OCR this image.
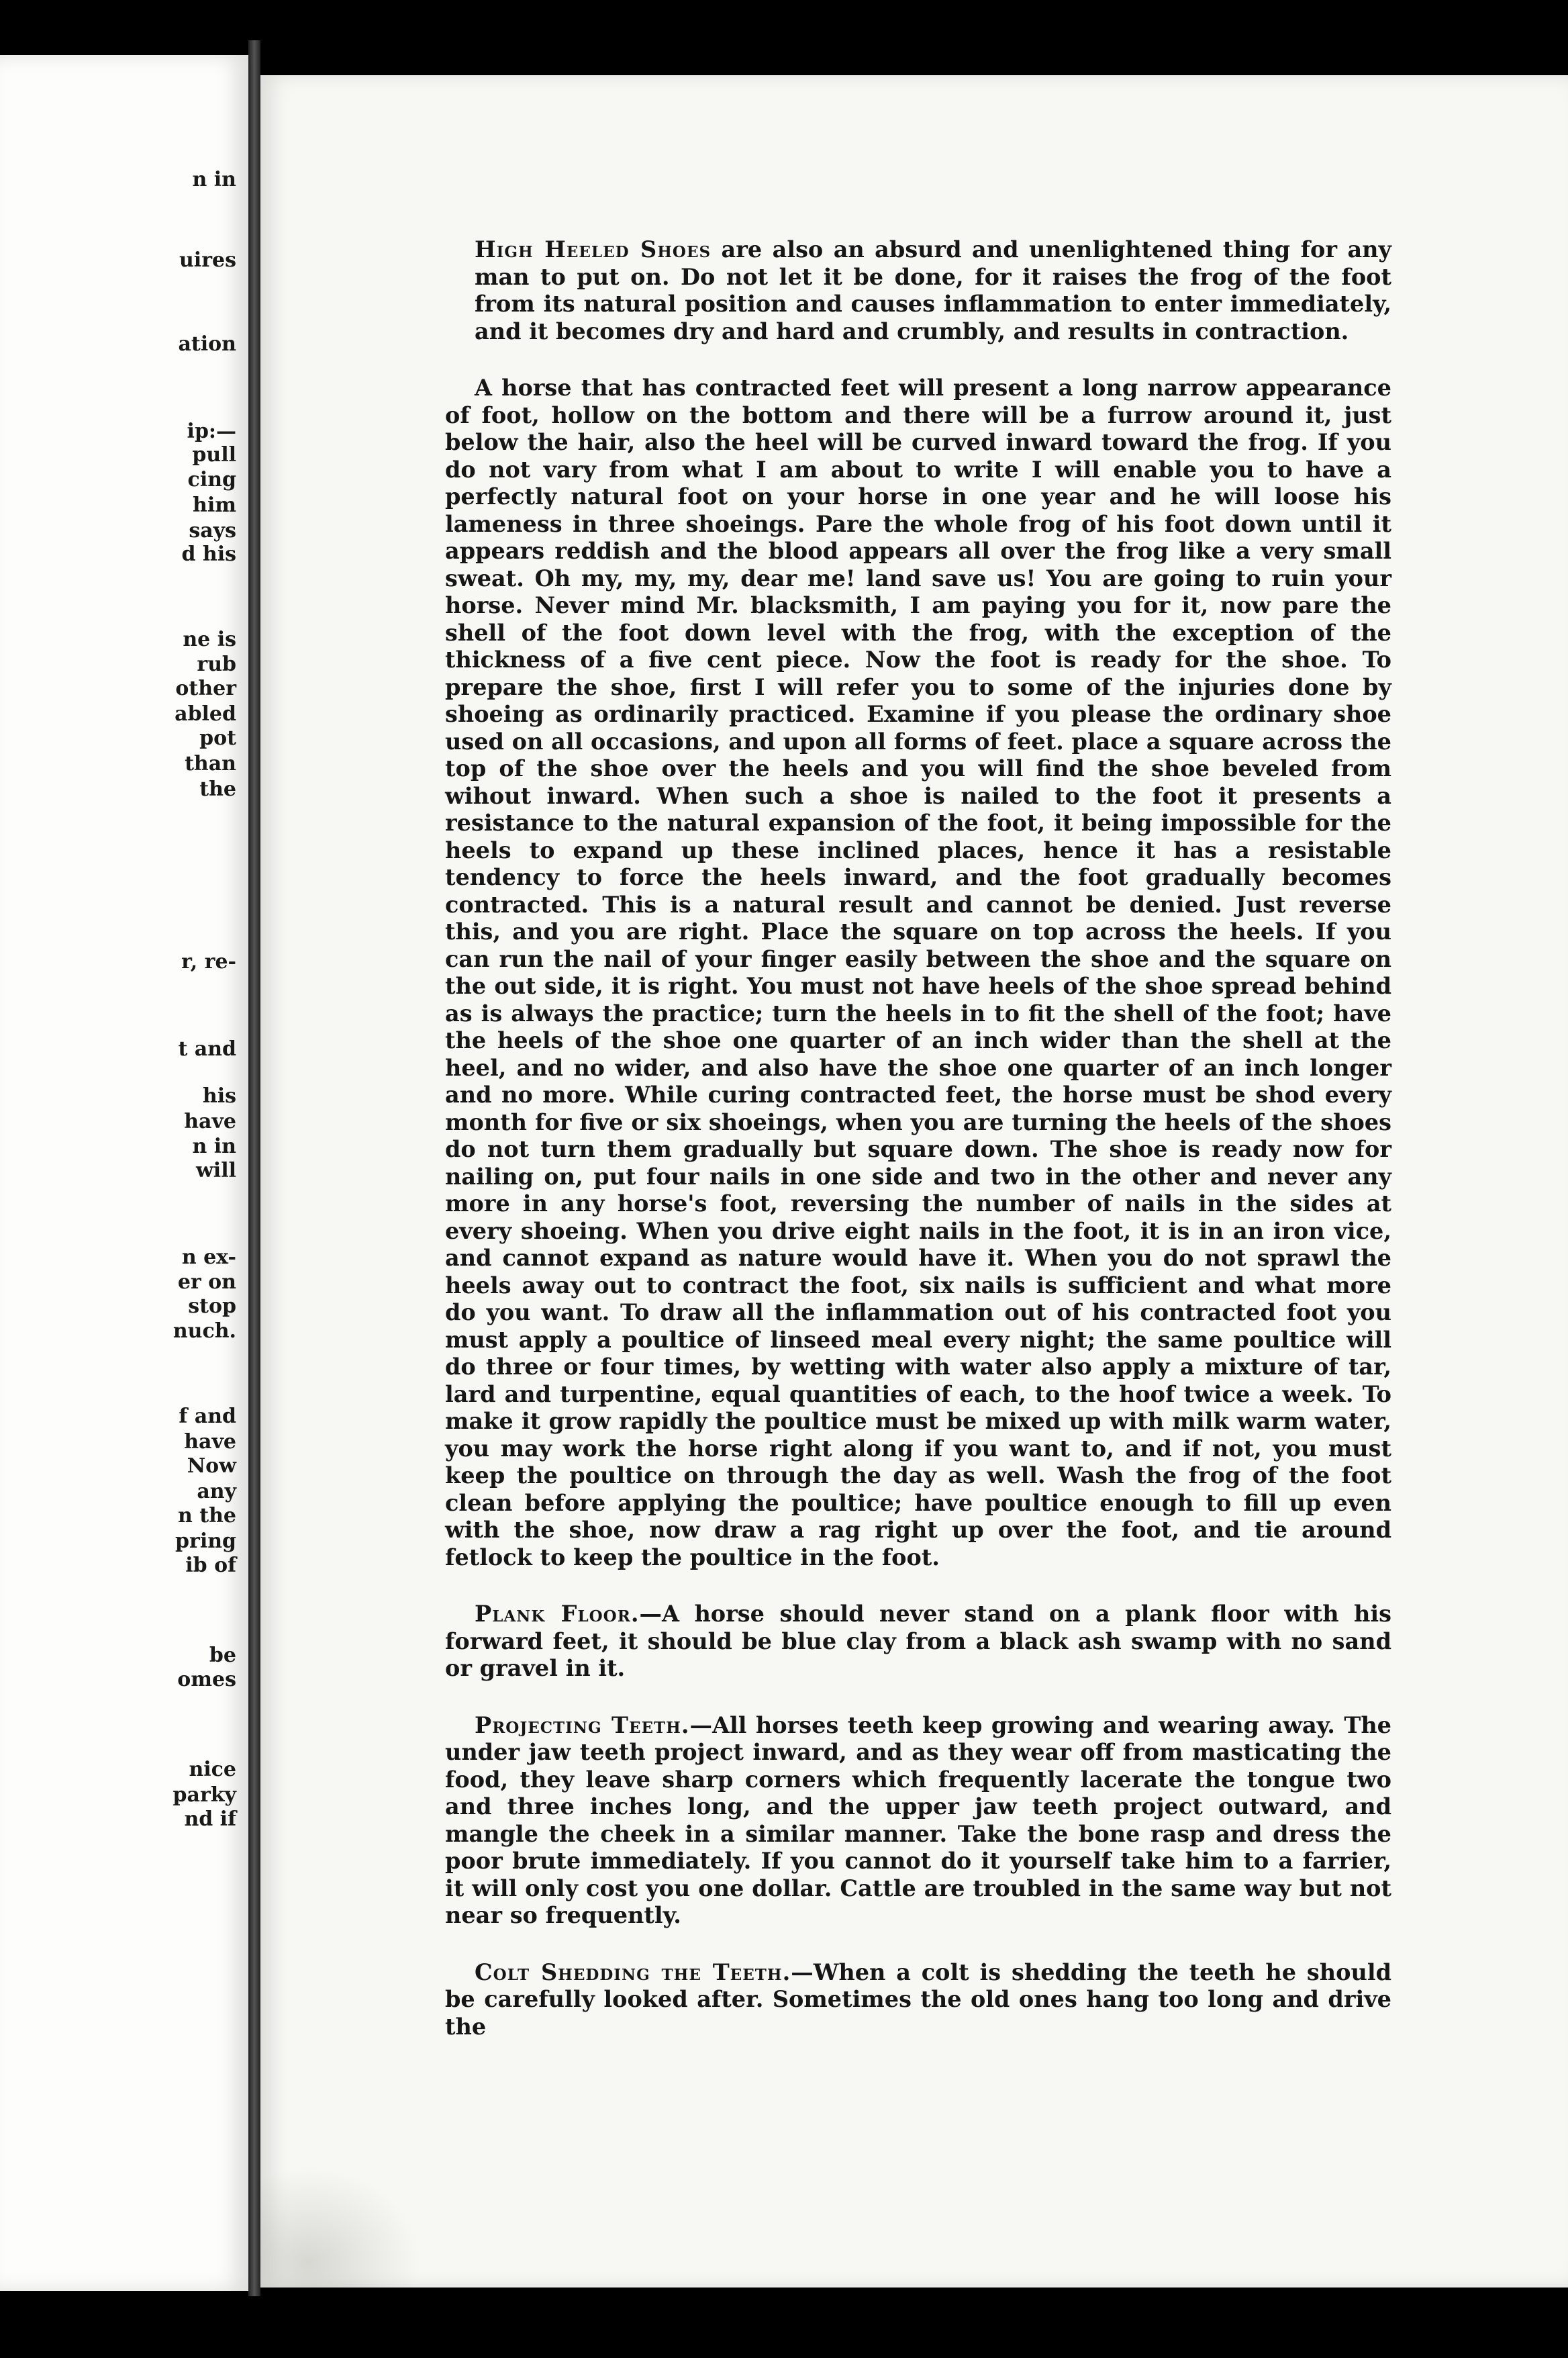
n in
uires
ation
ip:—
pull
cing
him
says
d his
ne is
rub
other
abled
pot
than
the
r, re-
t and
his
have
n in
will
n ex-
er on
stop
nuch.
f and
have
Now
any
n the
pring
ib of
be
omes
nice
parky
nd if

High Heeled Shoes are also an absurd and unenlightened thing for any man to put on. Do not let it be done, for it raises the frog of the foot from its natural position and causes inflammation to enter immediately, and it becomes dry and hard and crumbly, and results in contraction.

A horse that has contracted feet will present a long narrow appearance of foot, hollow on the bottom and there will be a furrow around it, just below the hair, also the heel will be curved inward toward the frog. If you do not vary from what I am about to write I will enable you to have a perfectly natural foot on your horse in one year and he will loose his lameness in three shoeings. Pare the whole frog of his foot down until it appears reddish and the blood appears all over the frog like a very small sweat. Oh my, my, my, dear me! land save us! You are going to ruin your horse. Never mind Mr. blacksmith, I am paying you for it, now pare the shell of the foot down level with the frog, with the exception of the thickness of a five cent piece. Now the foot is ready for the shoe. To prepare the shoe, first I will refer you to some of the injuries done by shoeing as ordinarily practiced. Examine if you please the ordinary shoe used on all occasions, and upon all forms of feet. place a square across the top of the shoe over the heels and you will find the shoe beveled from wihout inward. When such a shoe is nailed to the foot it presents a resistance to the natural expansion of the foot, it being impossible for the heels to expand up these inclined places, hence it has a resistable tendency to force the heels inward, and the foot gradually becomes contracted. This is a natural result and cannot be denied. Just reverse this, and you are right. Place the square on top across the heels. If you can run the nail of your finger easily between the shoe and the square on the out side, it is right. You must not have heels of the shoe spread behind as is always the practice; turn the heels in to fit the shell of the foot; have the heels of the shoe one quarter of an inch wider than the shell at the heel, and no wider, and also have the shoe one quarter of an inch longer and no more. While curing contracted feet, the horse must be shod every month for five or six shoeings, when you are turning the heels of the shoes do not turn them gradually but square down. The shoe is ready now for nailing on, put four nails in one side and two in the other and never any more in any horse's foot, reversing the number of nails in the sides at every shoeing. When you drive eight nails in the foot, it is in an iron vice, and cannot expand as nature would have it. When you do not sprawl the heels away out to contract the foot, six nails is sufficient and what more do you want. To draw all the inflammation out of his contracted foot you must apply a poultice of linseed meal every night; the same poultice will do three or four times, by wetting with water also apply a mixture of tar, lard and turpentine, equal quantities of each, to the hoof twice a week. To make it grow rapidly the poultice must be mixed up with milk warm water, you may work the horse right along if you want to, and if not, you must keep the poultice on through the day as well. Wash the frog of the foot clean before applying the poultice; have poultice enough to fill up even with the shoe, now draw a rag right up over the foot, and tie around fetlock to keep the poultice in the foot.

Plank Floor.—A horse should never stand on a plank floor with his forward feet, it should be blue clay from a black ash swamp with no sand or gravel in it.

Projecting Teeth.—All horses teeth keep growing and wearing away. The under jaw teeth project inward, and as they wear off from masticating the food, they leave sharp corners which frequently lacerate the tongue two and three inches long, and the upper jaw teeth project outward, and mangle the cheek in a similar manner. Take the bone rasp and dress the poor brute immediately. If you cannot do it yourself take him to a farrier, it will only cost you one dollar. Cattle are troubled in the same way but not near so frequently.

Colt Shedding the Teeth.—When a colt is shedding the teeth he should be carefully looked after. Sometimes the old ones hang too long and drive the
